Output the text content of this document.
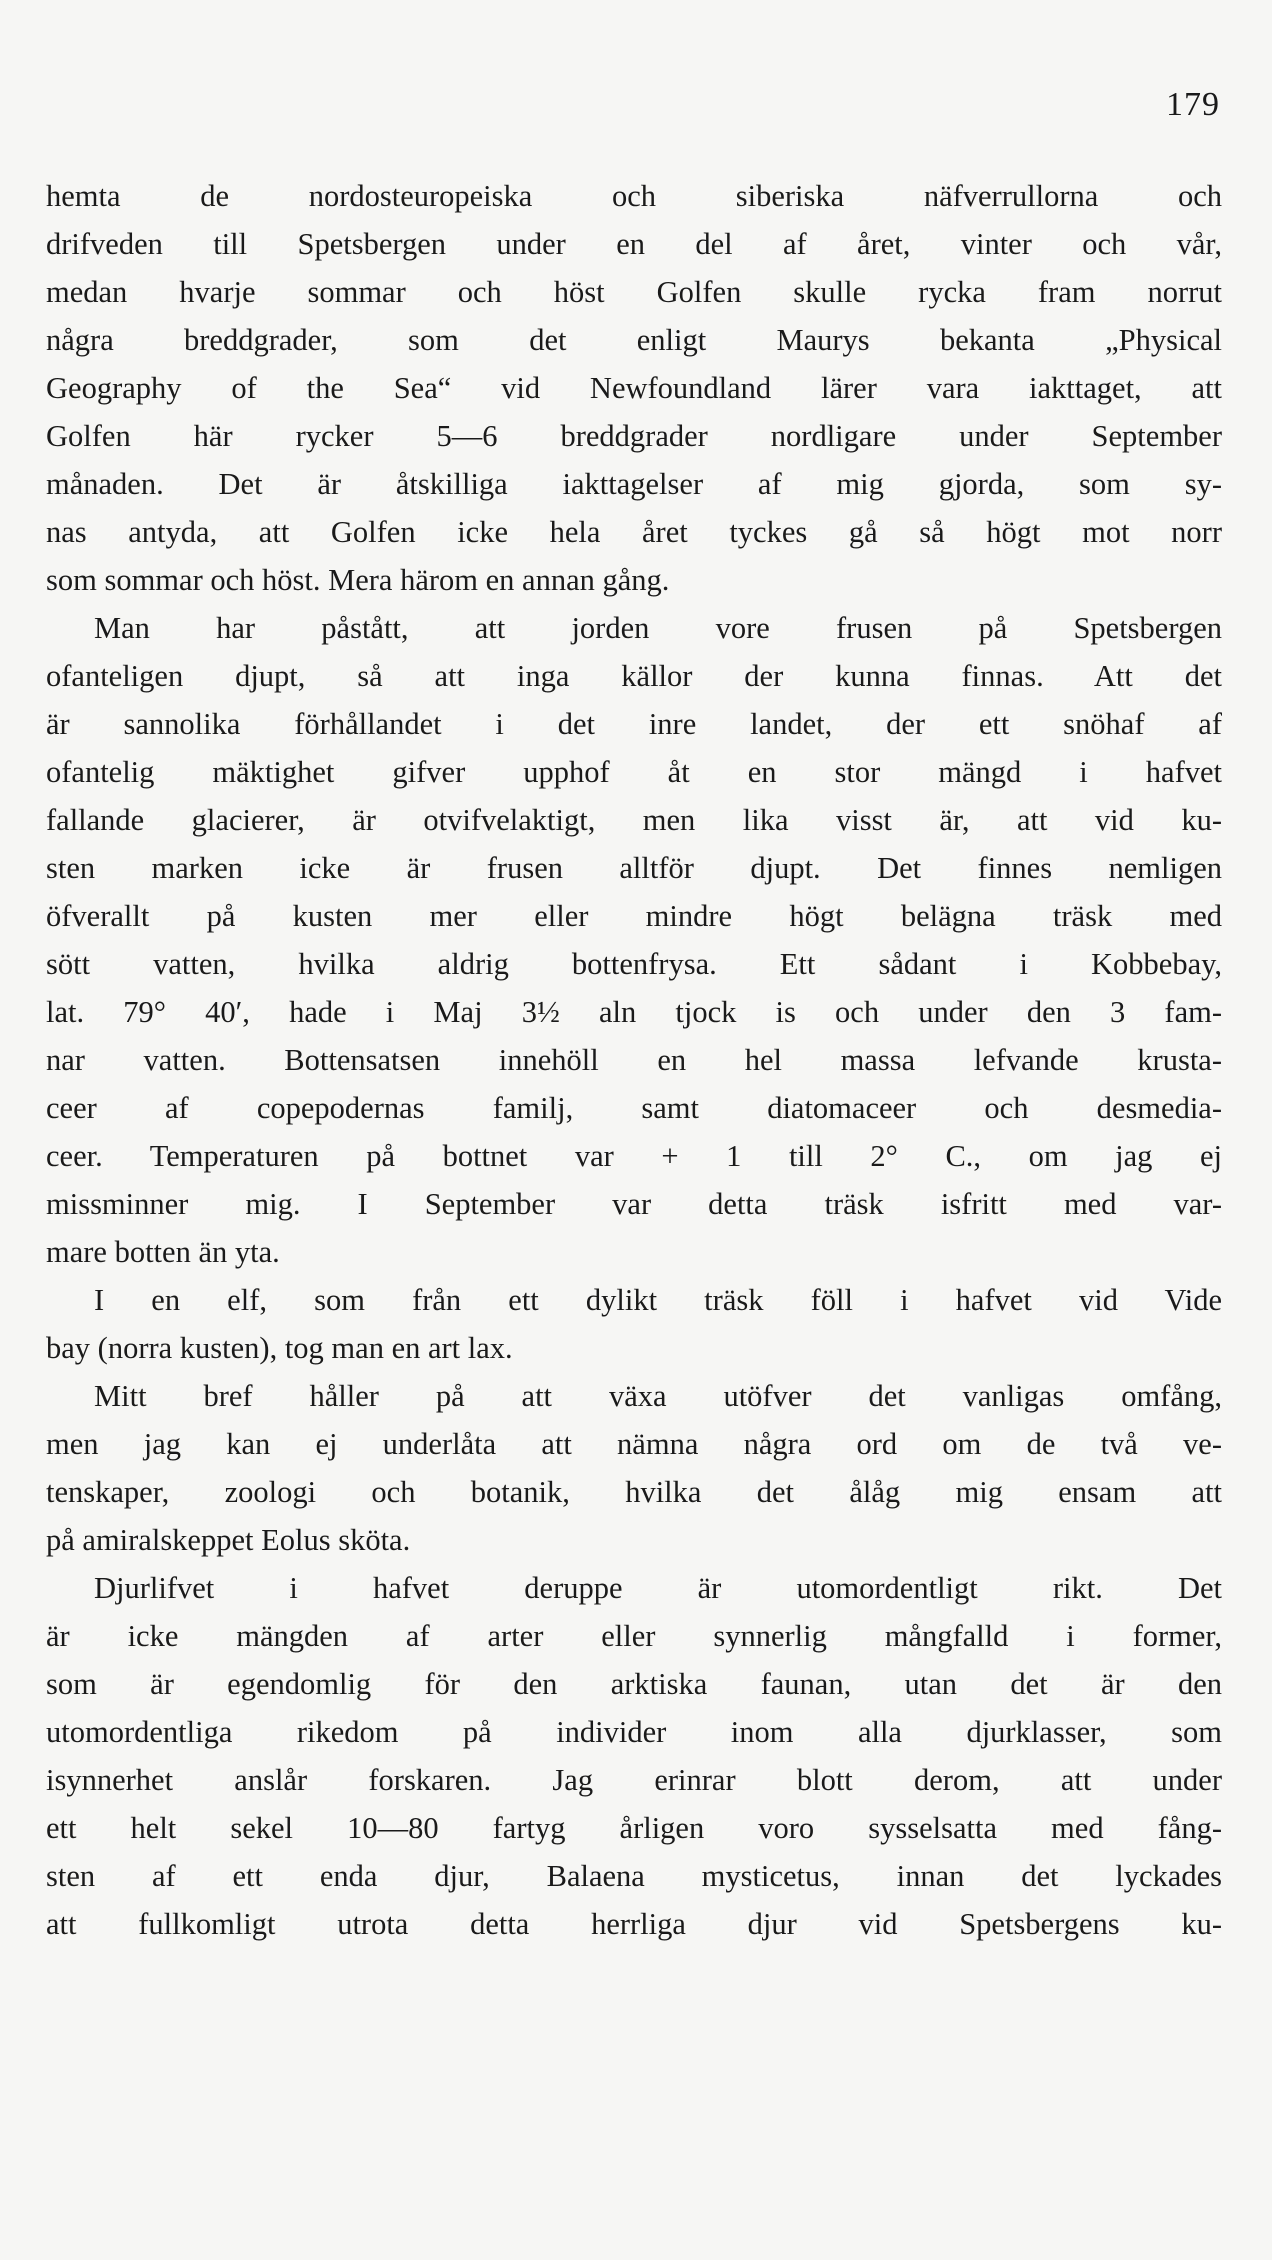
179
hemta de nordosteuropeiska och siberiska näfverrullorna och
drifveden till Spetsbergen under en del af året, vinter och vår,
medan hvarje sommar och höst Golfen skulle rycka fram norrut
några breddgrader, som det enligt Maurys bekanta „Physical
Geography of the Sea“ vid Newfoundland lärer vara iakttaget, att
Golfen här rycker 5—6 breddgrader nordligare under September
månaden. Det är åtskilliga iakttagelser af mig gjorda, som sy-
nas antyda, att Golfen icke hela året tyckes gå så högt mot norr
som sommar och höst. Mera härom en annan gång.
Man har påstått, att jorden vore frusen på Spetsbergen
ofanteligen djupt, så att inga källor der kunna finnas. Att det
är sannolika förhållandet i det inre landet, der ett snöhaf af
ofantelig mäktighet gifver upphof åt en stor mängd i hafvet
fallande glacierer, är otvifvelaktigt, men lika visst är, att vid ku-
sten marken icke är frusen alltför djupt. Det finnes nemligen
öfverallt på kusten mer eller mindre högt belägna träsk med
sött vatten, hvilka aldrig bottenfrysa. Ett sådant i Kobbebay,
lat. 79° 40′, hade i Maj 3½ aln tjock is och under den 3 fam-
nar vatten. Bottensatsen innehöll en hel massa lefvande krusta-
ceer af copepodernas familj, samt diatomaceer och desmedia-
ceer. Temperaturen på bottnet var + 1 till 2° C., om jag ej
missminner mig. I September var detta träsk isfritt med var-
mare botten än yta.
I en elf, som från ett dylikt träsk föll i hafvet vid Vide
bay (norra kusten), tog man en art lax.
Mitt bref håller på att växa utöfver det vanligas omfång,
men jag kan ej underlåta att nämna några ord om de två ve-
tenskaper, zoologi och botanik, hvilka det ålåg mig ensam att
på amiralskeppet Eolus sköta.
Djurlifvet i hafvet deruppe är utomordentligt rikt. Det
är icke mängden af arter eller synnerlig mångfalld i former,
som är egendomlig för den arktiska faunan, utan det är den
utomordentliga rikedom på individer inom alla djurklasser, som
isynnerhet anslår forskaren. Jag erinrar blott derom, att under
ett helt sekel 10—80 fartyg årligen voro sysselsatta med fång-
sten af ett enda djur, Balaena mysticetus, innan det lyckades
att fullkomligt utrota detta herrliga djur vid Spetsbergens ku-
